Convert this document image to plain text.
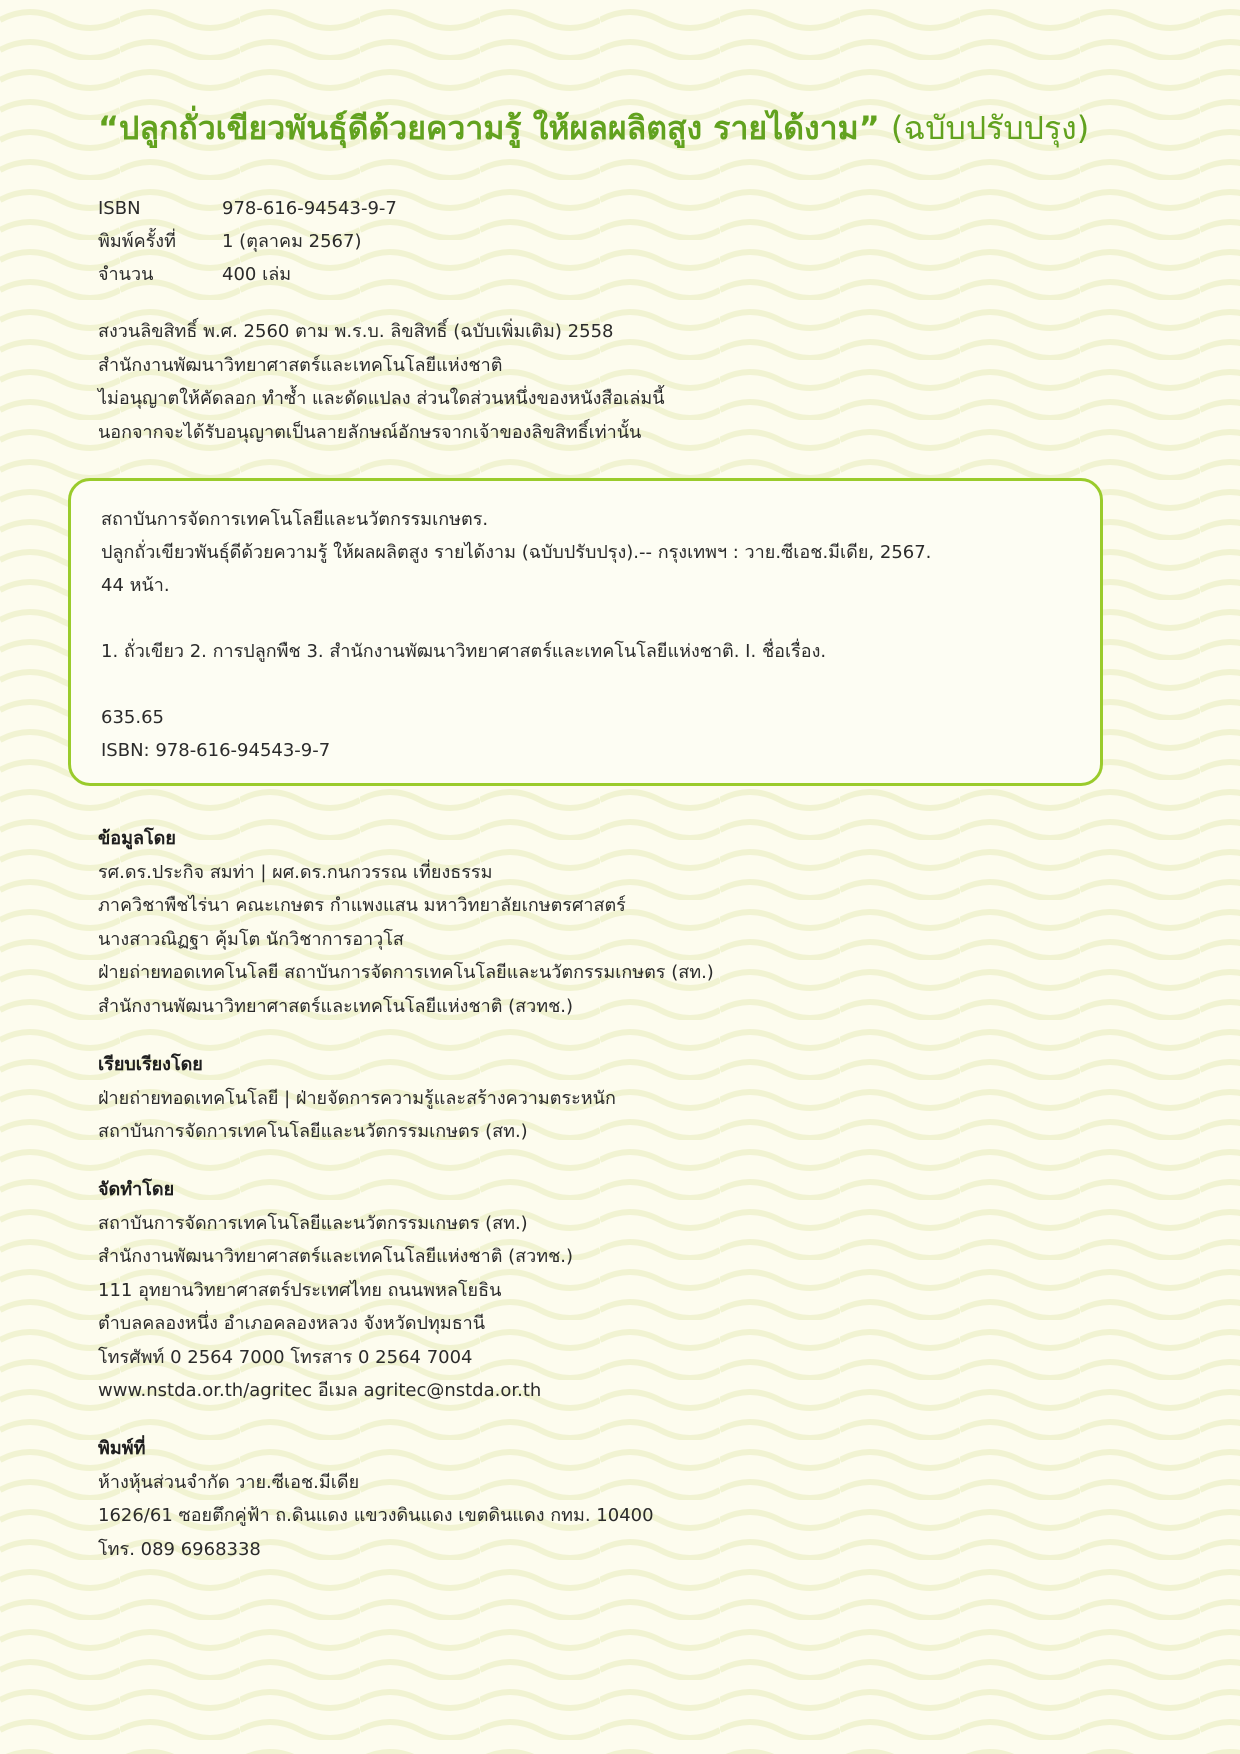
“ปลูกถั่วเขียวพันธุ์ดีด้วยความรู้ ให้ผลผลิตสูง รายได้งาม” (ฉบับปรับปรุง)
ISBN	978-616-94543-9-7
พิมพ์ครั้งที่	1 (ตุลาคม 2567)
จำนวน	400 เล่ม
สงวนลิขสิทธิ์ พ.ศ. 2560 ตาม พ.ร.บ. ลิขสิทธิ์ (ฉบับเพิ่มเติม) 2558
สำนักงานพัฒนาวิทยาศาสตร์และเทคโนโลยีแห่งชาติ
ไม่อนุญาตให้คัดลอก ทำซ้ำ และดัดแปลง ส่วนใดส่วนหนึ่งของหนังสือเล่มนี้
นอกจากจะได้รับอนุญาตเป็นลายลักษณ์อักษรจากเจ้าของลิขสิทธิ์เท่านั้น
สถาบันการจัดการเทคโนโลยีและนวัตกรรมเกษตร.
ปลูกถั่วเขียวพันธุ์ดีด้วยความรู้ ให้ผลผลิตสูง รายได้งาม (ฉบับปรับปรุง).-- กรุงเทพฯ : วาย.ซีเอช.มีเดีย, 2567.
44 หน้า.
1. ถั่วเขียว 2. การปลูกพืช 3. สำนักงานพัฒนาวิทยาศาสตร์และเทคโนโลยีแห่งชาติ. I. ชื่อเรื่อง.
635.65
ISBN: 978-616-94543-9-7
ข้อมูลโดย
รศ.ดร.ประกิจ สมท่า | ผศ.ดร.กนกวรรณ เที่ยงธรรม
ภาควิชาพืชไร่นา คณะเกษตร กำแพงแสน มหาวิทยาลัยเกษตรศาสตร์
นางสาวณิฏฐา คุ้มโต นักวิชาการอาวุโส
ฝ่ายถ่ายทอดเทคโนโลยี สถาบันการจัดการเทคโนโลยีและนวัตกรรมเกษตร (สท.)
สำนักงานพัฒนาวิทยาศาสตร์และเทคโนโลยีแห่งชาติ (สวทช.)
เรียบเรียงโดย
ฝ่ายถ่ายทอดเทคโนโลยี | ฝ่ายจัดการความรู้และสร้างความตระหนัก
สถาบันการจัดการเทคโนโลยีและนวัตกรรมเกษตร (สท.)
จัดทำโดย
สถาบันการจัดการเทคโนโลยีและนวัตกรรมเกษตร (สท.)
สำนักงานพัฒนาวิทยาศาสตร์และเทคโนโลยีแห่งชาติ (สวทช.)
111 อุทยานวิทยาศาสตร์ประเทศไทย ถนนพหลโยธิน
ตำบลคลองหนึ่ง อำเภอคลองหลวง จังหวัดปทุมธานี
โทรศัพท์ 0 2564 7000 โทรสาร 0 2564 7004
www.nstda.or.th/agritec อีเมล agritec@nstda.or.th
พิมพ์ที่
ห้างหุ้นส่วนจำกัด วาย.ซีเอช.มีเดีย
1626/61 ซอยตึกคู่ฟ้า ถ.ดินแดง แขวงดินแดง เขตดินแดง กทม. 10400
โทร. 089 6968338
